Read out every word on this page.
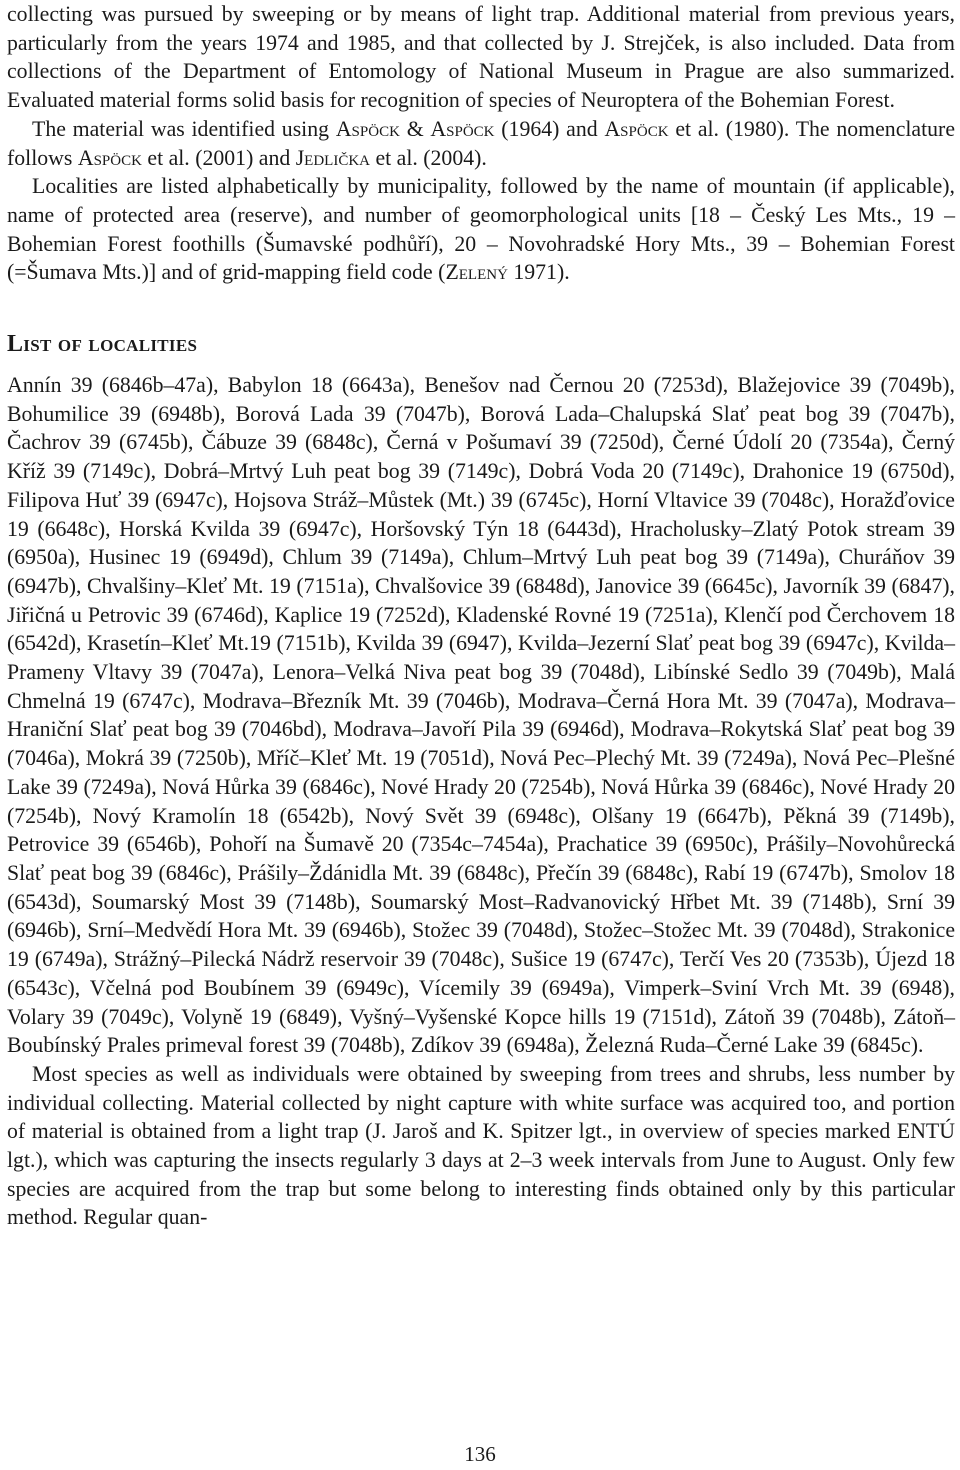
collecting was pursued by sweeping or by means of light trap. Additional material from previous years, particularly from the years 1974 and 1985, and that collected by J. Strejček, is also included. Data from collections of the Department of Entomology of National Museum in Prague are also summarized. Evaluated material forms solid basis for recognition of species of Neuroptera of the Bohemian Forest.

The material was identified using Aspöck & Aspöck (1964) and Aspöck et al. (1980). The nomenclature follows Aspöck et al. (2001) and Jedlička et al. (2004).

Localities are listed alphabetically by municipality, followed by the name of mountain (if applicable), name of protected area (reserve), and number of geomorphological units [18 – Český Les Mts., 19 – Bohemian Forest foothills (Šumavské podhůří), 20 – Novohradské Hory Mts., 39 – Bohemian Forest (=Šumava Mts.)] and of grid-mapping field code (Zelený 1971).

List of localities

Annín 39 (6846b–47a), Babylon 18 (6643a), Benešov nad Černou 20 (7253d), Blažejovice 39 (7049b), Bohumilice 39 (6948b), Borová Lada 39 (7047b), Borová Lada–Chalupská Slať peat bog 39 (7047b), Čachrov 39 (6745b), Čábuze 39 (6848c), Černá v Pošumaví 39 (7250d), Černé Údolí 20 (7354a), Černý Kříž 39 (7149c), Dobrá–Mrtvý Luh peat bog 39 (7149c), Dobrá Voda 20 (7149c), Drahonice 19 (6750d), Filipova Huť 39 (6947c), Hojsova Stráž–Můstek (Mt.) 39 (6745c), Horní Vltavice 39 (7048c), Horažďovice 19 (6648c), Horská Kvilda 39 (6947c), Horšovský Týn 18 (6443d), Hracholusky–Zlatý Potok stream 39 (6950a), Husinec 19 (6949d), Chlum 39 (7149a), Chlum–Mrtvý Luh peat bog 39 (7149a), Churáňov 39 (6947b), Chvalšiny–Kleť Mt. 19 (7151a), Chvalšovice 39 (6848d), Janovice 39 (6645c), Javorník 39 (6847), Jiřičná u Petrovic 39 (6746d), Kaplice 19 (7252d), Kladenské Rovné 19 (7251a), Klenčí pod Čerchovem 18 (6542d), Krasetín–Kleť Mt.19 (7151b), Kvilda 39 (6947), Kvilda–Jezerní Slať peat bog 39 (6947c), Kvilda–Prameny Vltavy 39 (7047a), Lenora–Velká Niva peat bog 39 (7048d), Libínské Sedlo 39 (7049b), Malá Chmelná 19 (6747c), Modrava–Březník Mt. 39 (7046b), Modrava–Černá Hora Mt. 39 (7047a), Modrava–Hraniční Slať peat bog 39 (7046bd), Modrava–Javoří Pila 39 (6946d), Modrava–Rokytská Slať peat bog 39 (7046a), Mokrá 39 (7250b), Mříč–Kleť Mt. 19 (7051d), Nová Pec–Plechý Mt. 39 (7249a), Nová Pec–Plešné Lake 39 (7249a), Nová Hůrka 39 (6846c), Nové Hrady 20 (7254b), Nová Hůrka 39 (6846c), Nové Hrady 20 (7254b), Nový Kramolín 18 (6542b), Nový Svět 39 (6948c), Olšany 19 (6647b), Pěkná 39 (7149b), Petrovice 39 (6546b), Pohoří na Šumavě 20 (7354c–7454a), Prachatice 39 (6950c), Prášily–Novohůrecká Slať peat bog 39 (6846c), Prášily–Ždánidla Mt. 39 (6848c), Přečín 39 (6848c), Rabí 19 (6747b), Smolov 18 (6543d), Soumarský Most 39 (7148b), Soumarský Most–Radvanovický Hřbet Mt. 39 (7148b), Srní 39 (6946b), Srní–Medvědí Hora Mt. 39 (6946b), Stožec 39 (7048d), Stožec–Stožec Mt. 39 (7048d), Strakonice 19 (6749a), Strážný–Pilecká Nádrž reservoir 39 (7048c), Sušice 19 (6747c), Terčí Ves 20 (7353b), Újezd 18 (6543c), Včelná pod Boubínem 39 (6949c), Vícemily 39 (6949a), Vimperk–Sviní Vrch Mt. 39 (6948), Volary 39 (7049c), Volyně 19 (6849), Vyšný–Vyšenské Kopce hills 19 (7151d), Zátoň 39 (7048b), Zátoň–Boubínský Prales primeval forest 39 (7048b), Zdíkov 39 (6948a), Železná Ruda–Černé Lake 39 (6845c).

Most species as well as individuals were obtained by sweeping from trees and shrubs, less number by individual collecting. Material collected by night capture with white surface was acquired too, and portion of material is obtained from a light trap (J. Jaroš and K. Spitzer lgt., in overview of species marked ENTÚ lgt.), which was capturing the insects regularly 3 days at 2–3 week intervals from June to August. Only few species are acquired from the trap but some belong to interesting finds obtained only by this particular method. Regular quan-

136
